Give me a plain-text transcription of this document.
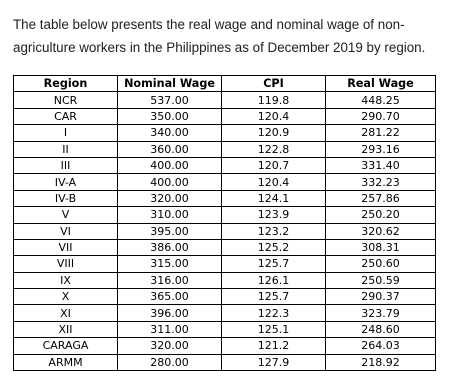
The table below presents the real wage and nominal wage of non-agriculture workers in the Philippines as of December 2019 by region.
Region	Nominal Wage	CPI	Real Wage
NCR	537.00	119.8	448.25
CAR	350.00	120.4	290.70
I	340.00	120.9	281.22
II	360.00	122.8	293.16
III	400.00	120.7	331.40
IV-A	400.00	120.4	332.23
IV-B	320.00	124.1	257.86
V	310.00	123.9	250.20
VI	395.00	123.2	320.62
VII	386.00	125.2	308.31
VIII	315.00	125.7	250.60
IX	316.00	126.1	250.59
X	365.00	125.7	290.37
XI	396.00	122.3	323.79
XII	311.00	125.1	248.60
CARAGA	320.00	121.2	264.03
ARMM	280.00	127.9	218.92
